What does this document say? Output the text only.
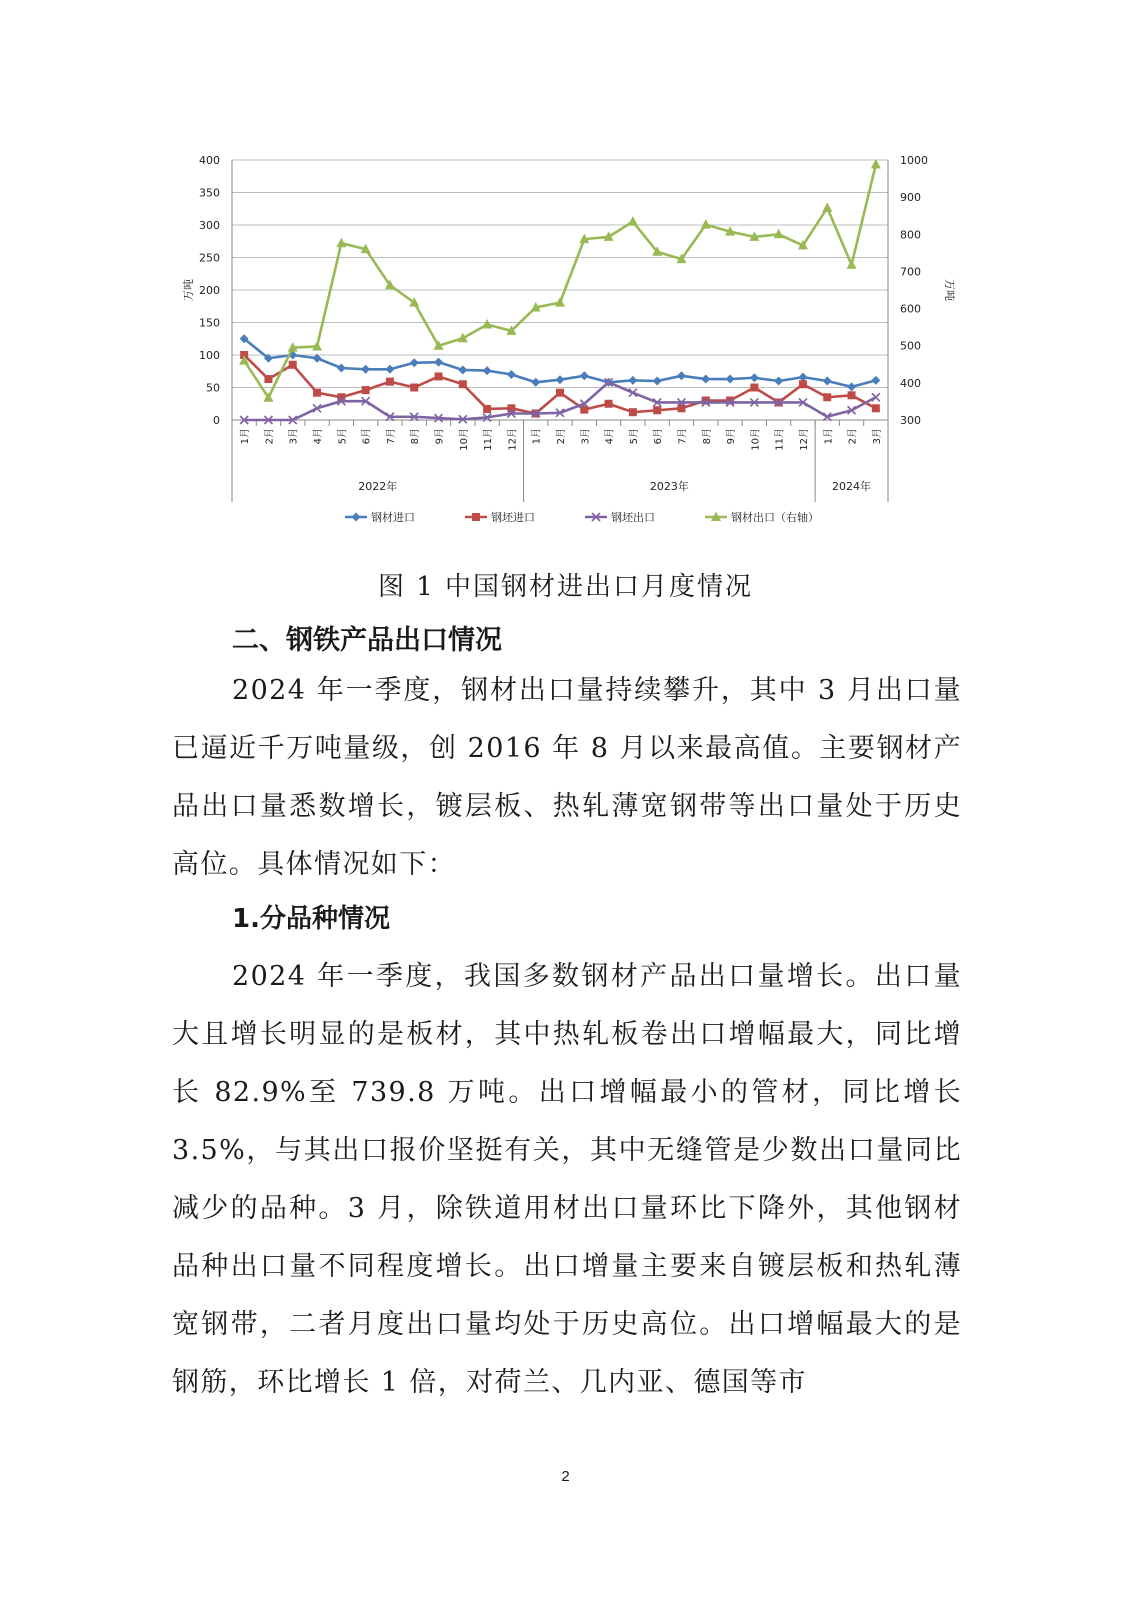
0
50
100
150
200
250
300
350
400
300
400
500
600
700
800
900
1000
万吨	万吨
1月 2月 3月 4月 5月 6月 7月 8月 9月 10月 11月 12月 1月 2月 3月 4月 5月 6月 7月 8月 9月 10月 11月 12月 1月 2月 3月
2022年	2023年	2024年
钢材进口	钢坯进口	钢坯出口	钢材出口（右轴）
图 1 中国钢材进出口月度情况
二、钢铁产品出口情况

2024 年一季度，钢材出口量持续攀升，其中 3 月出口量已逼近千万吨量级，创 2016 年 8 月以来最高值。主要钢材产品出口量悉数增长，镀层板、热轧薄宽钢带等出口量处于历史高位。具体情况如下：

1.分品种情况

2024 年一季度，我国多数钢材产品出口量增长。出口量大且增长明显的是板材，其中热轧板卷出口增幅最大，同比增长 82.9%至 739.8 万吨。出口增幅最小的管材，同比增长 3.5%，与其出口报价坚挺有关，其中无缝管是少数出口量同比减少的品种。3 月，除铁道用材出口量环比下降外，其他钢材品种出口量不同程度增长。出口增量主要来自镀层板和热轧薄宽钢带，二者月度出口量均处于历史高位。出口增幅最大的是钢筋，环比增长 1 倍，对荷兰、几内亚、德国等市

2
